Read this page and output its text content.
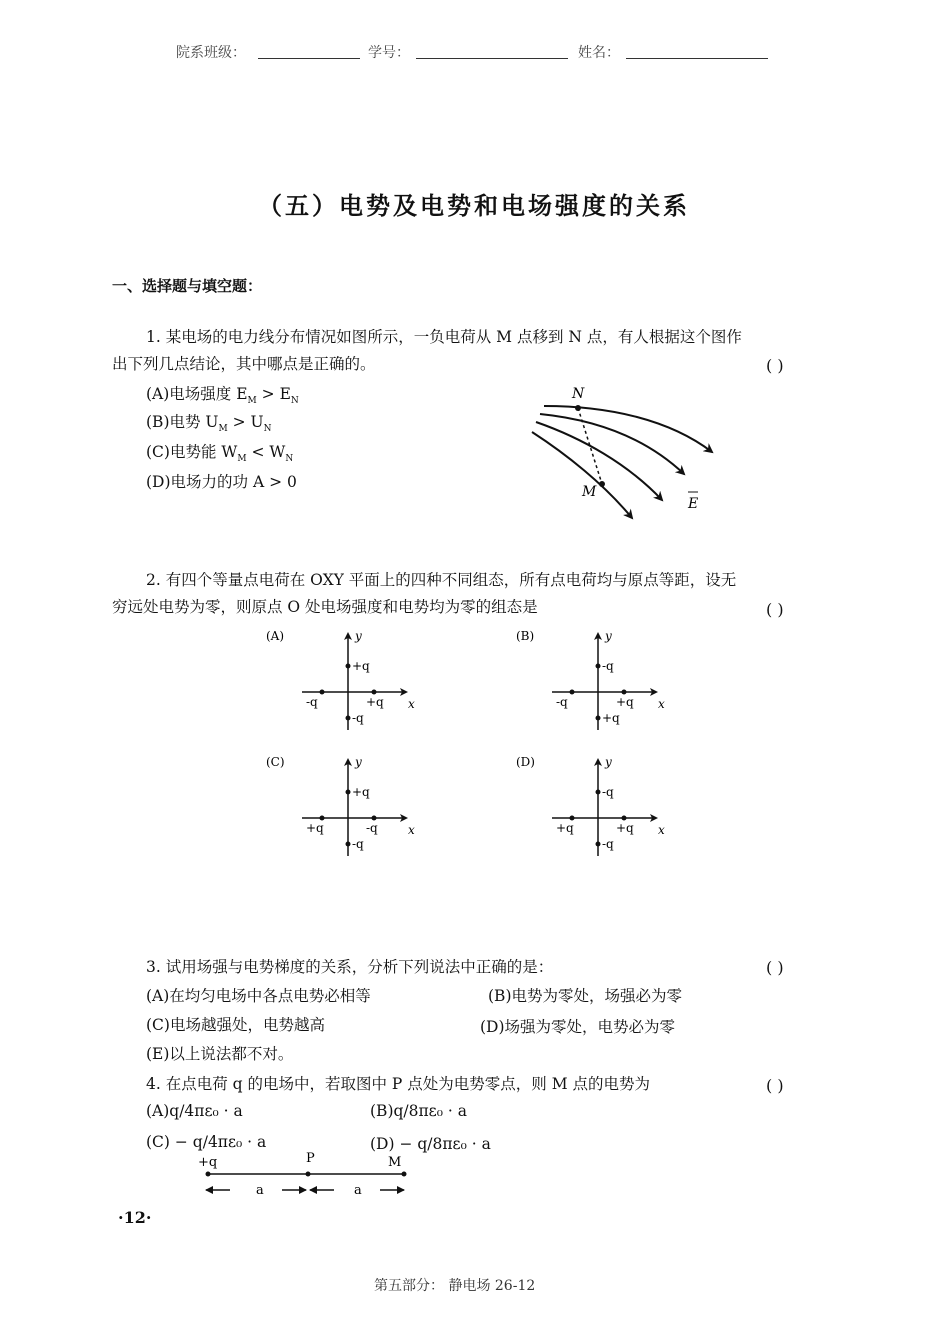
院系班级：	学号：	姓名：
（五）电势及电势和电场强度的关系
一、选择题与填空题：
1. 某电场的电力线分布情况如图所示，一负电荷从 M 点移到 N 点，有人根据这个图作
出下列几点结论，其中哪点是正确的。	( )
(A)电场强度 $E_M > E_N$
(B)电势 $U_M > U_N$
(C)电势能 $W_M < W_N$
(D)电场力的功 A > 0
N
M
E
2. 有四个等量点电荷在 OXY 平面上的四种不同组态，所有点电荷均与原点等距，设无
穷远处电势为零，则原点 O 处电场强度和电势均为零的组态是	( )
(A)
x
y
+q
+q
-q
-q
(B)
x
y
-q
+q
-q
+q
(C)
x
y
+q
-q
+q
-q
(D)
x
y
-q
+q
+q
-q
3. 试用场强与电势梯度的关系，分析下列说法中正确的是：	( )
(A)在均匀电场中各点电势必相等	(B)电势为零处，场强必为零
(C)电场越强处，电势越高	(D)场强为零处，电势必为零
(E)以上说法都不对。
4. 在点电荷 q 的电场中，若取图中 P 点处为电势零点，则 M 点的电势为	( )
(A)q/4πε₀ · a	(B)q/8πε₀ · a
(C) − q/4πε₀ · a	(D) − q/8πε₀ · a
+q	P	M
a	a
·12·
第五部分： 静电场 26-12
